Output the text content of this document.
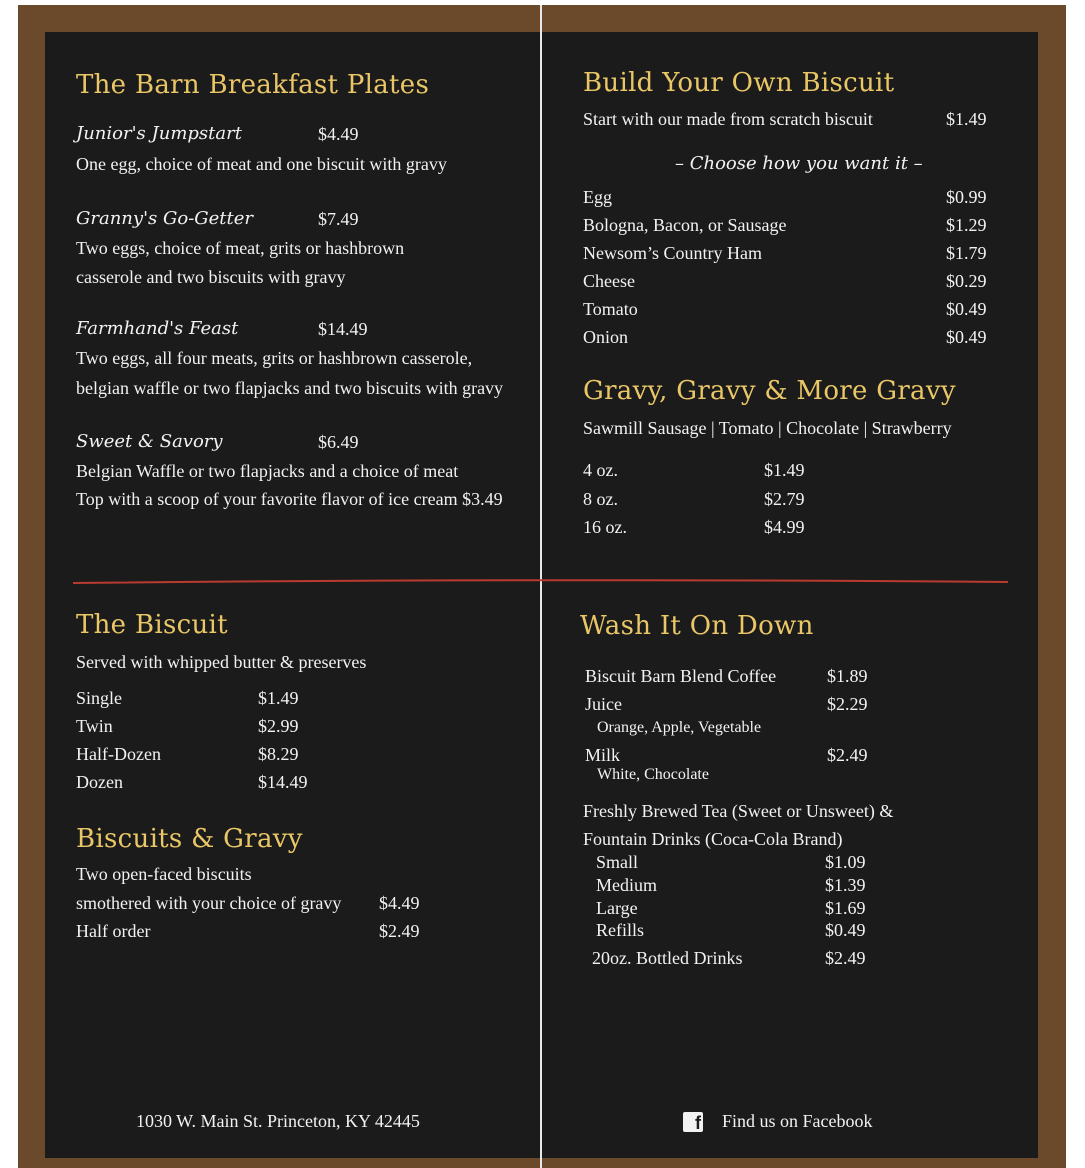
The Barn Breakfast Plates
Junior's Jumpstart	$4.49
One egg, choice of meat and one biscuit with gravy
Granny's Go-Getter	$7.49
Two eggs, choice of meat, grits or hashbrown
casserole and two biscuits with gravy
Farmhand's Feast	$14.49
Two eggs, all four meats, grits or hashbrown casserole,
belgian waffle or two flapjacks and two biscuits with gravy
Sweet & Savory	$6.49
Belgian Waffle or two flapjacks and a choice of meat
Top with a scoop of your favorite flavor of ice cream $3.49
Build Your Own Biscuit
Start with our made from scratch biscuit	$1.49
– Choose how you want it –
Egg	$0.99
Bologna, Bacon, or Sausage	$1.29
Newsom’s Country Ham	$1.79
Cheese	$0.29
Tomato	$0.49
Onion	$0.49
Gravy, Gravy & More Gravy
Sawmill Sausage | Tomato | Chocolate | Strawberry
4 oz.	$1.49
8 oz.	$2.79
16 oz.	$4.99
The Biscuit
Served with whipped butter & preserves
Single	$1.49
Twin	$2.99
Half-Dozen	$8.29
Dozen	$14.49
Biscuits & Gravy
Two open-faced biscuits
smothered with your choice of gravy $4.49
Half order	$2.49
Wash It On Down
Biscuit Barn Blend Coffee	$1.89
Juice	$2.29
Orange, Apple, Vegetable
Milk	$2.49
White, Chocolate
Freshly Brewed Tea (Sweet or Unsweet) &
Fountain Drinks (Coca-Cola Brand)
Small	$1.09
Medium	$1.39
Large	$1.69
Refills	$0.49
20oz. Bottled Drinks	$2.49
1030 W. Main St. Princeton, KY 42445	f Find us on Facebook
